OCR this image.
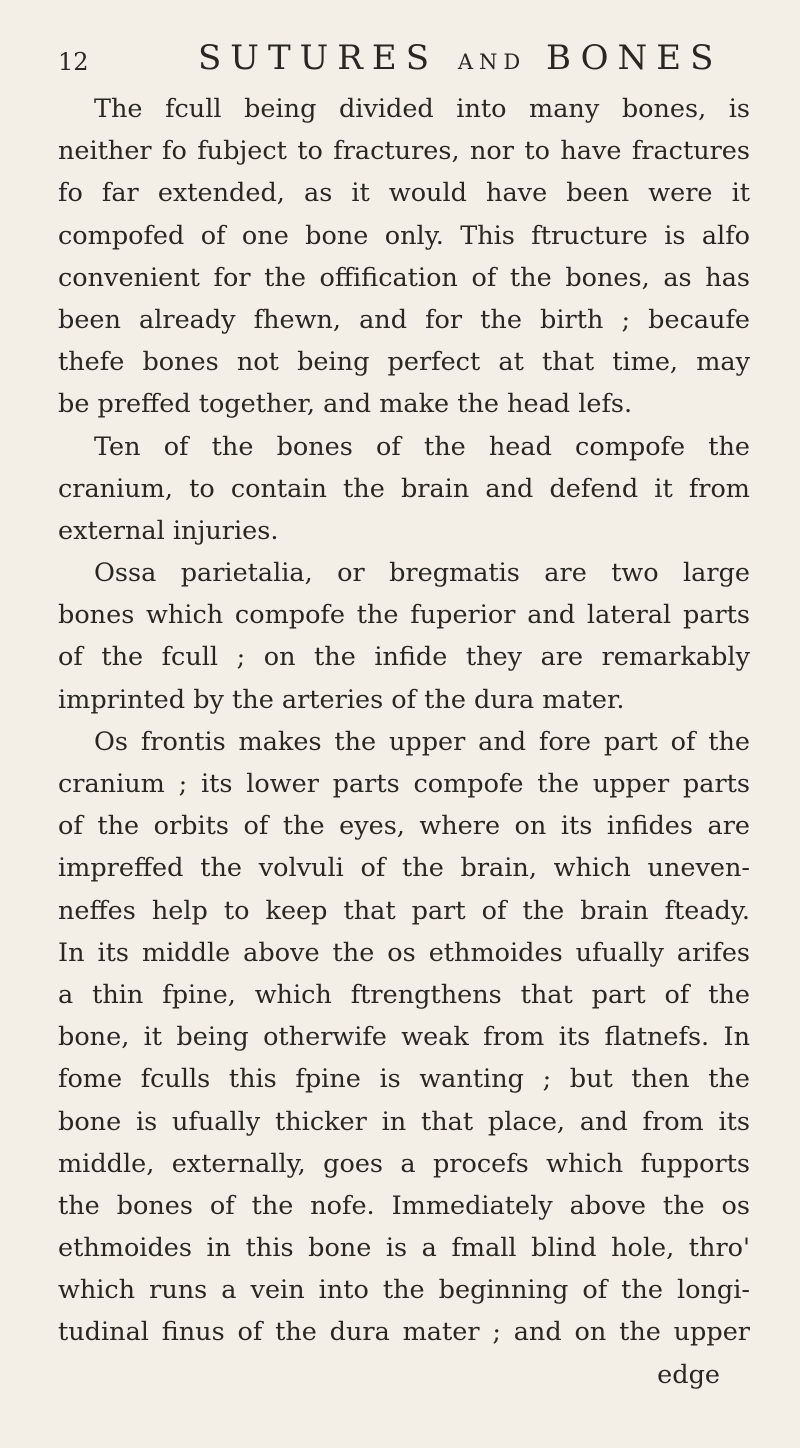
12	SUTURES AND BONES
The fcull being divided into many bones, is
neither fo fubject to fractures, nor to have fractures
fo far extended, as it would have been were it
compofed of one bone only. This ftructure is alfo
convenient for the offification of the bones, as has
been already fhewn, and for the birth ; becaufe
thefe bones not being perfect at that time, may
be preffed together, and make the head lefs.
Ten of the bones of the head compofe the
cranium, to contain the brain and defend it from
external injuries.
Ossa parietalia, or bregmatis are two large
bones which compofe the fuperior and lateral parts
of the fcull ; on the infide they are remarkably
imprinted by the arteries of the dura mater.
Os frontis makes the upper and fore part of the
cranium ; its lower parts compofe the upper parts
of the orbits of the eyes, where on its infides are
impreffed the volvuli of the brain, which uneven-
neffes help to keep that part of the brain fteady.
In its middle above the os ethmoides ufually arifes
a thin fpine, which ftrengthens that part of the
bone, it being otherwife weak from its flatnefs. In
fome fculls this fpine is wanting ; but then the
bone is ufually thicker in that place, and from its
middle, externally, goes a procefs which fupports
the bones of the nofe. Immediately above the os
ethmoides in this bone is a fmall blind hole, thro'
which runs a vein into the beginning of the longi-
tudinal finus of the dura mater ; and on the upper
edge
